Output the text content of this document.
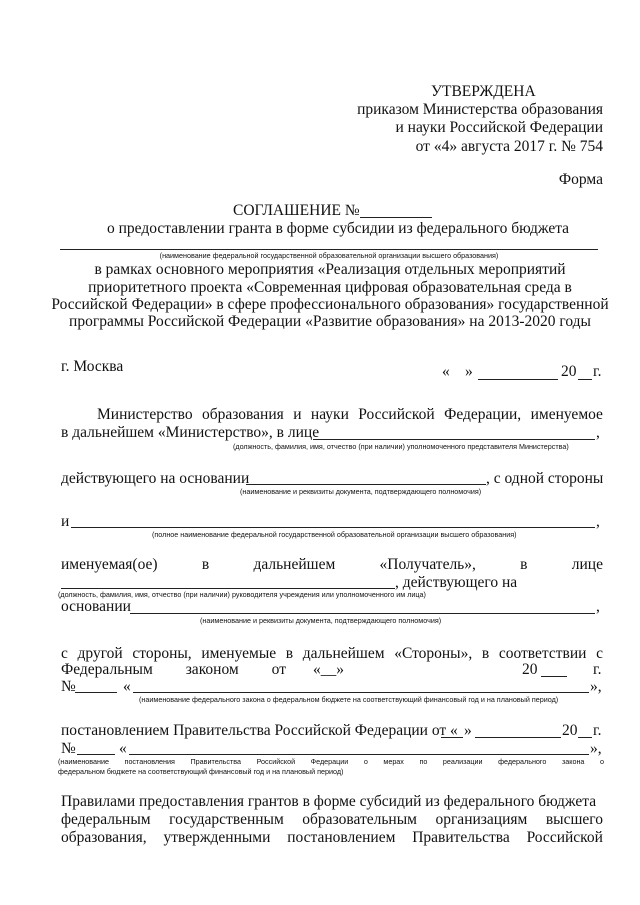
УТВЕРЖДЕНА
приказом Министерства образования
и науки Российской Федерации
от «4» августа 2017 г. № 754
Форма
СОГЛАШЕНИЕ №
о предоставлении гранта в форме субсидии из федерального бюджета
(наименование федеральной государственной образовательной организации высшего образования)
в рамках основного мероприятия «Реализация отдельных мероприятий
приоритетного проекта «Современная цифровая образовательная среда в
Российской Федерации» в сфере профессионального образования» государственной
программы Российской Федерации «Развитие образования» на 2013-2020 годы
г. Москва	« »	20 г.
Министерство образования и науки Российской Федерации, именуемое
в дальнейшем «Министерство», в лице	,
(должность, фамилия, имя, отчество (при наличии) уполномоченного представителя Министерства)
действующего на основании	, с одной стороны
(наименование и реквизиты документа, подтверждающего полномочия)
и	,
(полное наименование федеральной государственной образовательной организации высшего образования)
именуемая(ое)	в	дальнейшем	«Получатель»,	в	лице
, действующего на
(должность, фамилия, имя, отчество (при наличии) руководителя учреждения или уполномоченного им лица)
основании	,
(наименование и реквизиты документа, подтверждающего полномочия)
с другой стороны, именуемые в дальнейшем «Стороны», в соответствии с
Федеральным законом от «__»	20	г.
№	«	»,
(наименование федерального закона о федеральном бюджете на соответствующий финансовый год и на плановый период)
постановлением Правительства Российской Федерации от « »	20 г.
№	«	»,
(наименование постановления Правительства Российской Федерации о мерах по реализации федерального закона о
федеральном бюджете на соответствующий финансовый год и на плановый период)
Правилами предоставления грантов в форме субсидий из федерального бюджета
федеральным государственным образовательным организациям высшего
образования, утвержденными постановлением Правительства Российской
